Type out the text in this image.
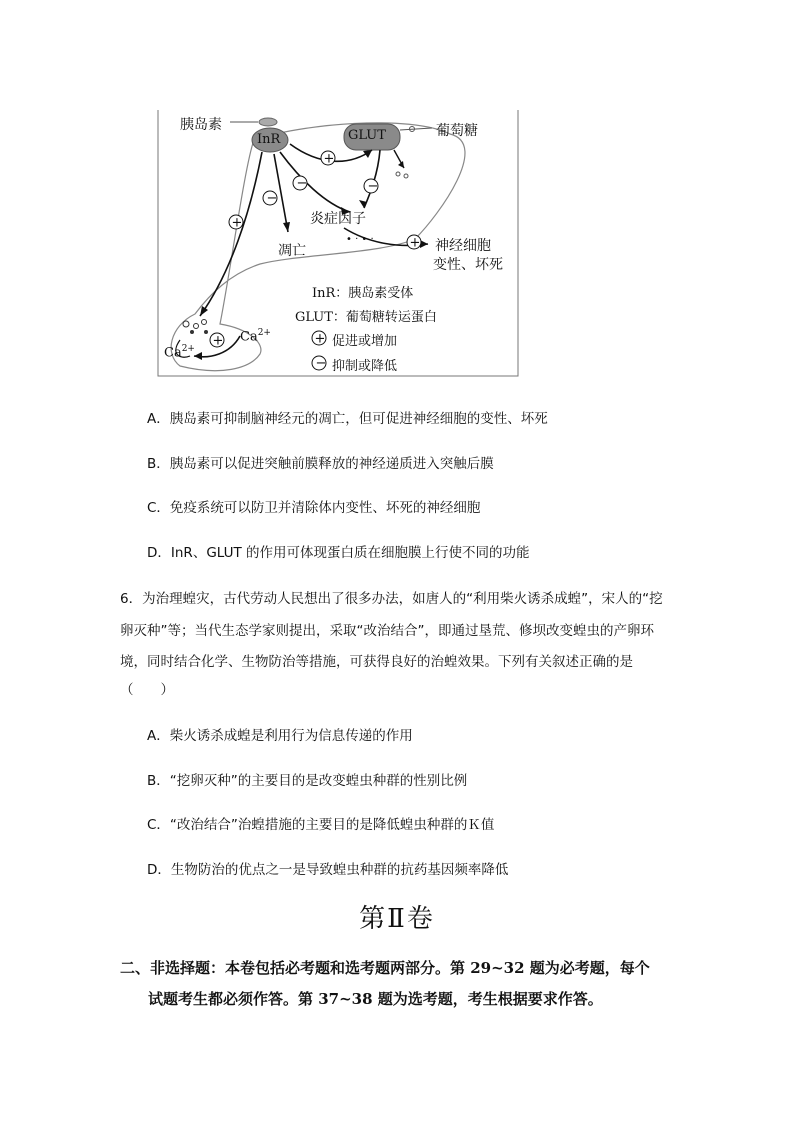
• · • ·
+
−	−
−
+
+
+	+
−
胰岛素
InR	GLUT	葡萄糖
炎症因子
凋亡	神经细胞
变性、坏死
$Ca^{2+}$
$Ca^{2+}$
InR：胰岛素受体
GLUT：葡萄糖转运蛋白
促进或增加
抑制或降低
A．胰岛素可抑制脑神经元的凋亡，但可促进神经细胞的变性、坏死
B．胰岛素可以促进突触前膜释放的神经递质进入突触后膜
C．免疫系统可以防卫并清除体内变性、坏死的神经细胞
D．InR、GLUT 的作用可体现蛋白质在细胞膜上行使不同的功能
6．为治理蝗灾，古代劳动人民想出了很多办法，如唐人的“利用柴火诱杀成蝗”，宋人的“挖
卵灭种”等；当代生态学家则提出，采取“改治结合”，即通过垦荒、修坝改变蝗虫的产卵环
境，同时结合化学、生物防治等措施，可获得良好的治蝗效果。下列有关叙述正确的是
（　　）
A．柴火诱杀成蝗是利用行为信息传递的作用
B．“挖卵灭种”的主要目的是改变蝗虫种群的性别比例
C．“改治结合”治蝗措施的主要目的是降低蝗虫种群的Ｋ值
D．生物防治的优点之一是导致蝗虫种群的抗药基因频率降低
第Ⅱ卷
二、非选择题：本卷包括必考题和选考题两部分。第 29~32 题为必考题，每个
试题考生都必须作答。第 37~38 题为选考题，考生根据要求作答。
